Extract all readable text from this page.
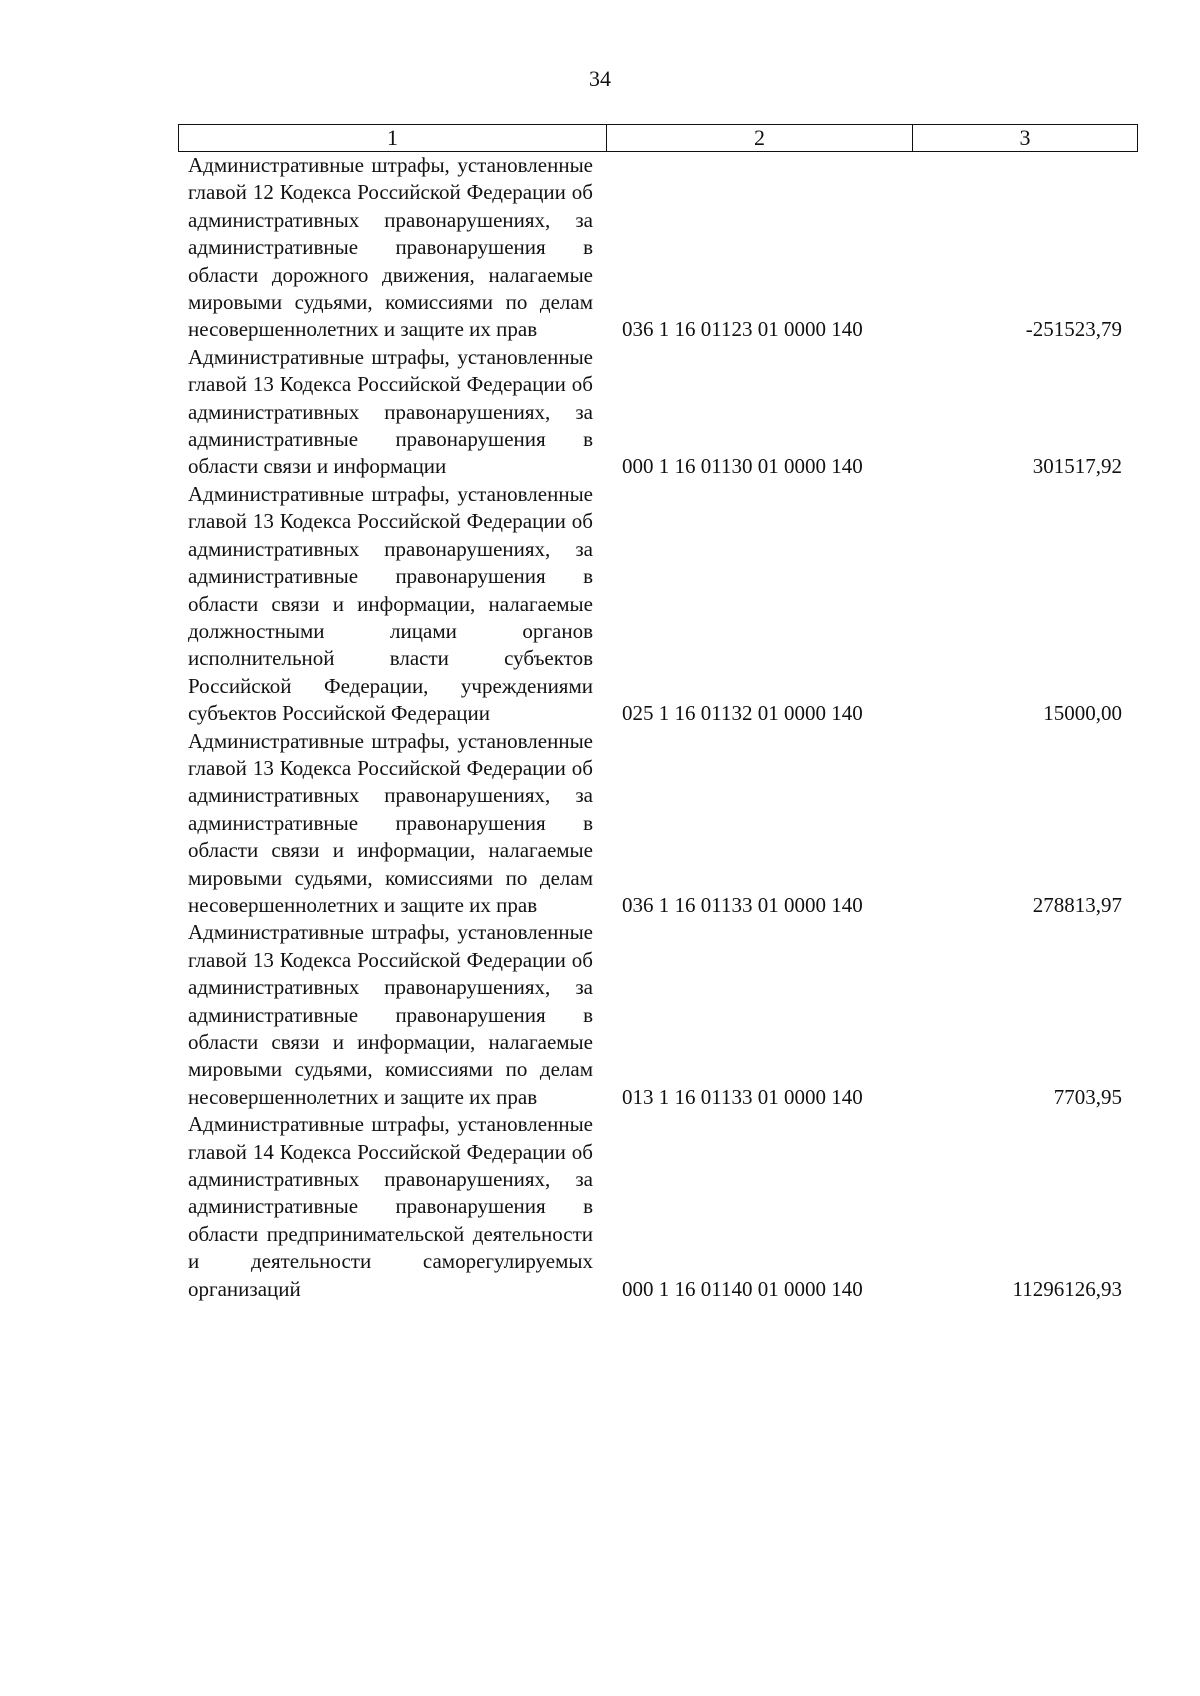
34
1	2	3
Административные штрафы, установленные главой 12 Кодекса Российской Федерации об административных правонарушениях, за административные правонарушения в области дорожного движения, налагаемые мировыми судьями, комиссиями по делам несовершеннолетних и защите их прав	036 1 16 01123 01 0000 140	-251523,79
Административные штрафы, установленные главой 13 Кодекса Российской Федерации об административных правонарушениях, за административные правонарушения в области связи и информации	000 1 16 01130 01 0000 140	301517,92
Административные штрафы, установленные главой 13 Кодекса Российской Федерации об административных правонарушениях, за административные правонарушения в области связи и информации, налагаемые должностными лицами органов исполнительной власти субъектов Российской Федерации, учреждениями субъектов Российской Федерации	025 1 16 01132 01 0000 140	15000,00
Административные штрафы, установленные главой 13 Кодекса Российской Федерации об административных правонарушениях, за административные правонарушения в области связи и информации, налагаемые мировыми судьями, комиссиями по делам несовершеннолетних и защите их прав	036 1 16 01133 01 0000 140	278813,97
Административные штрафы, установленные главой 13 Кодекса Российской Федерации об административных правонарушениях, за административные правонарушения в области связи и информации, налагаемые мировыми судьями, комиссиями по делам несовершеннолетних и защите их прав	013 1 16 01133 01 0000 140	7703,95
Административные штрафы, установленные главой 14 Кодекса Российской Федерации об административных правонарушениях, за административные правонарушения в области предпринимательской деятельности и деятельности саморегулируемых организаций	000 1 16 01140 01 0000 140	11296126,93
